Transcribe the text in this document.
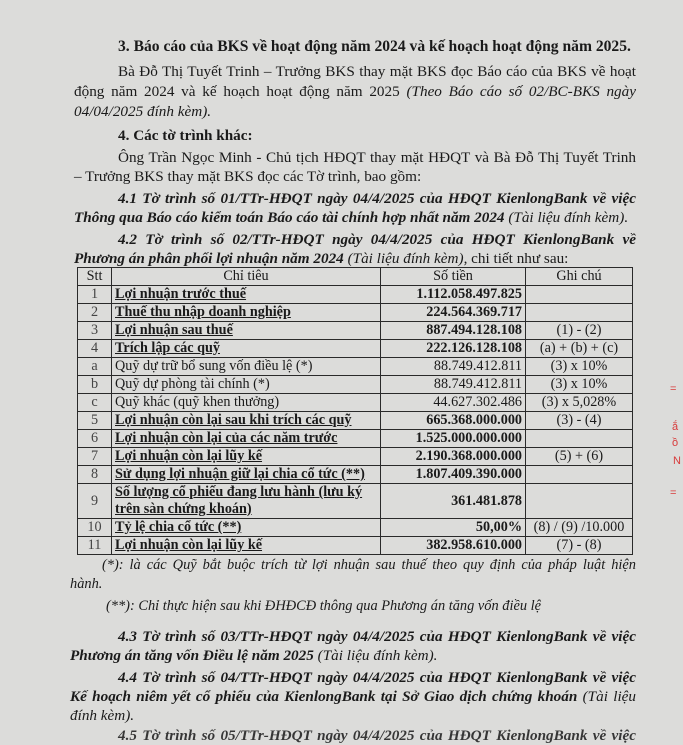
3. Báo cáo của BKS về hoạt động năm 2024 và kế hoạch hoạt động năm 2025.
Bà Đỗ Thị Tuyết Trinh – Trưởng BKS thay mặt BKS đọc Báo cáo của BKS về hoạt
động năm 2024 và kế hoạch hoạt động năm 2025 (Theo Báo cáo số 02/BC-BKS ngày
04/04/2025 đính kèm).
4. Các tờ trình khác:
Ông Trần Ngọc Minh - Chủ tịch HĐQT thay mặt HĐQT và Bà Đỗ Thị Tuyết Trinh
– Trưởng BKS thay mặt BKS đọc các Tờ trình, bao gồm:
4.1 Tờ trình số 01/TTr-HĐQT ngày 04/4/2025 của HĐQT KienlongBank về việc
Thông qua Báo cáo kiểm toán Báo cáo tài chính hợp nhất năm 2024 (Tài liệu đính kèm).
4.2 Tờ trình số 02/TTr-HĐQT ngày 04/4/2025 của HĐQT KienlongBank về
Phương án phân phối lợi nhuận năm 2024 (Tài liệu đính kèm), chi tiết như sau:
Stt	Chỉ tiêu	Số tiền	Ghi chú
1	Lợi nhuận trước thuế	1.112.058.497.825	
2	Thuế thu nhập doanh nghiệp	224.564.369.717	
3	Lợi nhuận sau thuế	887.494.128.108	(1) - (2)
4	Trích lập các quỹ	222.126.128.108	(a) + (b) + (c)
a	Quỹ dự trữ bổ sung vốn điều lệ (*)	88.749.412.811	(3) x 10%
b	Quỹ dự phòng tài chính (*)	88.749.412.811	(3) x 10%
c	Quỹ khác (quỹ khen thưởng)	44.627.302.486	(3) x 5,028%
5	Lợi nhuận còn lại sau khi trích các quỹ	665.368.000.000	(3) - (4)
6	Lợi nhuận còn lại của các năm trước	1.525.000.000.000	
7	Lợi nhuận còn lại lũy kế	2.190.368.000.000	(5) + (6)
8	Sử dụng lợi nhuận giữ lại chia cổ tức (**)	1.807.409.390.000	
9	Số lượng cổ phiếu đang lưu hành (lưu ký trên sàn chứng khoán)	361.481.878	
10	Tỷ lệ chia cổ tức (**)	50,00%	(8) / (9) /10.000
11	Lợi nhuận còn lại lũy kế	382.958.610.000	(7) - (8)
(*): là các Quỹ bắt buộc trích từ lợi nhuận sau thuế theo quy định của pháp luật hiện
hành.
(**): Chỉ thực hiện sau khi ĐHĐCĐ thông qua Phương án tăng vốn điều lệ
4.3 Tờ trình số 03/TTr-HĐQT ngày 04/4/2025 của HĐQT KienlongBank về việc
Phương án tăng vốn Điều lệ năm 2025 (Tài liệu đính kèm).
4.4 Tờ trình số 04/TTr-HĐQT ngày 04/4/2025 của HĐQT KienlongBank về việc
Kế hoạch niêm yết cổ phiếu của KienlongBank tại Sở Giao dịch chứng khoán (Tài liệu
đính kèm).
4.5 Tờ trình số 05/TTr-HĐQT ngày 04/4/2025 của HĐQT KienlongBank về việc
=
ắ
ồ
N
=
